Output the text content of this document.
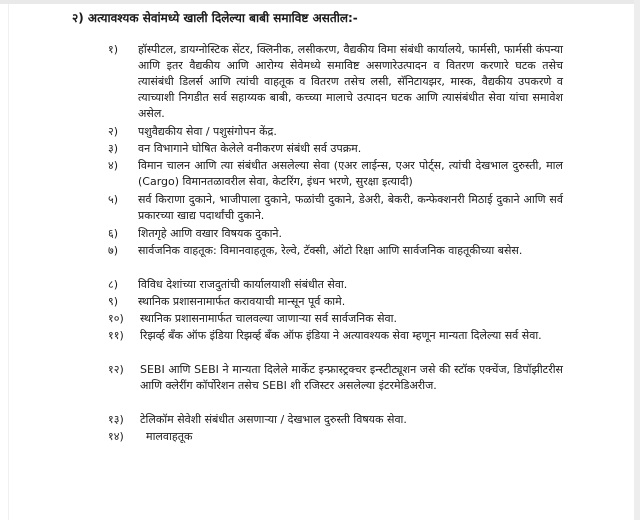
२) अत्यावश्यक सेवांमध्ये खाली दिलेल्या बाबी समाविष्ट असतील:-
१)	हॉस्पीटल, डायग्नोस्टिक सेंटर, क्लिनीक, लसीकरण, वैद्यकीय विमा संबंधी कार्यालये, फार्मसी, फार्मसी कंपन्या आणि इतर वैद्यकीय आणि आरोग्य सेवेमध्ये समाविष्ट असणारेउत्पादन व वितरण करणारे घटक तसेच त्यासंबंधी डिलर्स आणि त्यांची वाहतूक व वितरण तसेच लसी, सॅनिटायझर, मास्क, वैद्यकीय उपकरणे व त्याच्याशी निगडीत सर्व सहाय्यक बाबी, कच्च्या मालाचे उत्पादन घटक आणि त्यासंबंधीत सेवा यांचा समावेश असेल.
२)	पशुवैद्यकीय सेवा / पशुसंगोपन केंद्र.
३)	वन विभागाने घोषित केलेले वनीकरण संबंधी सर्व उपक्रम.
४)	विमान चालन आणि त्या संबंधीत असलेल्या सेवा (एअर लाईन्स, एअर पोर्ट्स, त्यांची देखभाल दुरुस्ती, माल (Cargo) विमानतळावरील सेवा, केटरिंग, इंधन भरणे, सुरक्षा इत्यादी)
५)	सर्व किराणा दुकाने, भाजीपाला दुकाने, फळांची दुकाने, डेअरी, बेकरी, कन्फेक्शनरी मिठाई दुकाने आणि सर्व प्रकारच्या खाद्य पदार्थांची दुकाने.
६)	शितगृहे आणि वखार विषयक दुकाने.
७)	सार्वजनिक वाहतूक: विमानवाहतूक, रेल्वे, टॅक्सी, ऑटो रिक्षा आणि सार्वजनिक वाहतूकीच्या बसेस.
८)	विविध देशांच्या राजदुतांची कार्यालयाशी संबंधीत सेवा.
९)	स्थानिक प्रशासनामार्फत करावयाची मान्सून पूर्व कामे.
१०)	स्थानिक प्रशासनामार्फत चालवल्या जाणाऱ्या सर्व सार्वजनिक सेवा.
११)	रिझर्व्ह बँक ऑफ इंडिया रिझर्व्ह बँक ऑफ इंडिया ने अत्यावश्यक सेवा म्हणून मान्यता दिलेल्या सर्व सेवा.
१२)	SEBI आणि SEBI ने मान्यता दिलेले मार्केट इन्फ्रास्ट्रक्चर इन्स्टीट्यूशन जसे की स्टॉक एक्चेंज, डिपॉझीटरीस आणि क्लेरींग कॉर्पोरेशन तसेच SEBI शी रजिस्टर असलेल्या इंटरमेडिअरीज.
१३)	टेलिकॉम सेवेशी संबंधीत असणाऱ्या / देखभाल दुरुस्ती विषयक सेवा.
१४)	मालवाहतूक
